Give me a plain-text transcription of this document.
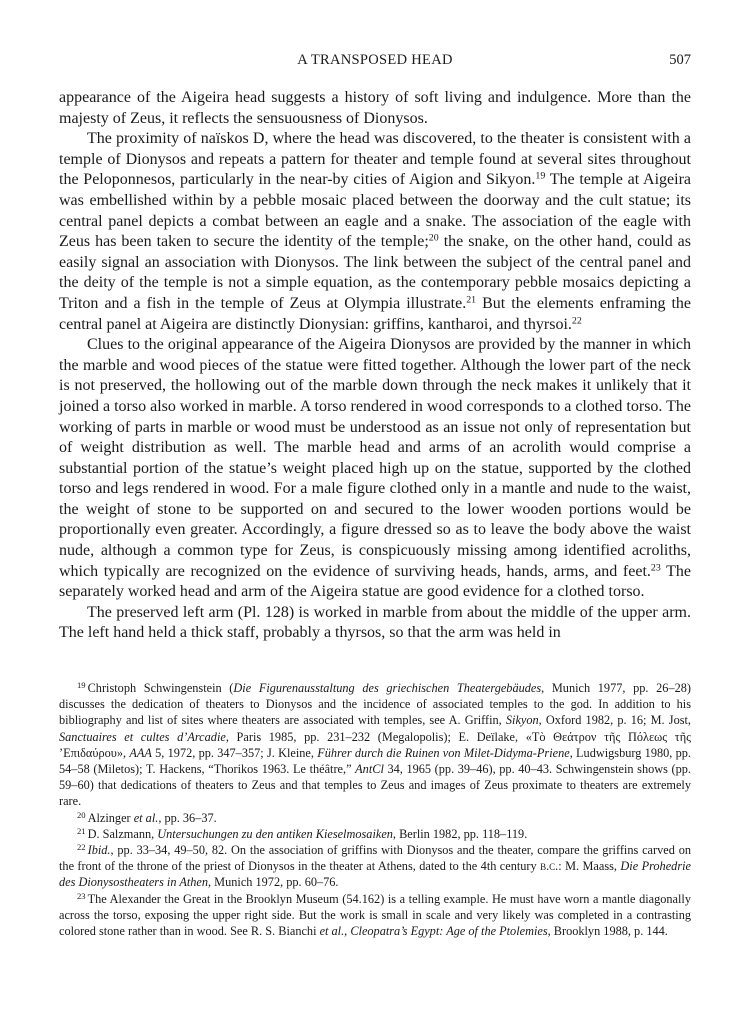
A TRANSPOSED HEAD	507

appearance of the Aigeira head suggests a history of soft living and indulgence. More than the majesty of Zeus, it reflects the sensuousness of Dionysos.

The proximity of naïskos D, where the head was discovered, to the theater is consistent with a temple of Dionysos and repeats a pattern for theater and temple found at several sites throughout the Peloponnesos, particularly in the near-by cities of Aigion and Sikyon.$^{19}$ The temple at Aigeira was embellished within by a pebble mosaic placed between the doorway and the cult statue; its central panel depicts a combat between an eagle and a snake. The association of the eagle with Zeus has been taken to secure the identity of the temple;$^{20}$ the snake, on the other hand, could as easily signal an association with Dionysos. The link between the subject of the central panel and the deity of the temple is not a simple equation, as the contemporary pebble mosaics depicting a Triton and a fish in the temple of Zeus at Olympia illustrate.$^{21}$ But the elements enframing the central panel at Aigeira are distinctly Dionysian: griffins, kantharoi, and thyrsoi.$^{22}$

Clues to the original appearance of the Aigeira Dionysos are provided by the manner in which the marble and wood pieces of the statue were fitted together. Although the lower part of the neck is not preserved, the hollowing out of the marble down through the neck makes it unlikely that it joined a torso also worked in marble. A torso rendered in wood corresponds to a clothed torso. The working of parts in marble or wood must be understood as an issue not only of representation but of weight distribution as well. The marble head and arms of an acrolith would comprise a substantial portion of the statue’s weight placed high up on the statue, supported by the clothed torso and legs rendered in wood. For a male figure clothed only in a mantle and nude to the waist, the weight of stone to be supported on and secured to the lower wooden portions would be proportionally even greater. Accordingly, a figure dressed so as to leave the body above the waist nude, although a common type for Zeus, is conspicuously missing among identified acroliths, which typically are recognized on the evidence of surviving heads, hands, arms, and feet.$^{23}$ The separately worked head and arm of the Aigeira statue are good evidence for a clothed torso.

The preserved left arm (Pl. 128) is worked in marble from about the middle of the upper arm. The left hand held a thick staff, probably a thyrsos, so that the arm was held in

$^{19}$ Christoph Schwingenstein (Die Figurenausstaltung des griechischen Theatergebäudes, Munich 1977, pp. 26–28) discusses the dedication of theaters to Dionysos and the incidence of associated temples to the god. In addition to his bibliography and list of sites where theaters are associated with temples, see A. Griffin, Sikyon, Oxford 1982, p. 16; M. Jost, Sanctuaires et cultes d’Arcadie, Paris 1985, pp. 231–232 (Megalopolis); E. Deïlake, «Τὸ Θεάτρον τῆς Πόλεως τῆς ’Επιδαύρου», AAA 5, 1972, pp. 347–357; J. Kleine, Führer durch die Ruinen von Milet-Didyma-Priene, Ludwigsburg 1980, pp. 54–58 (Miletos); T. Hackens, “Thorikos 1963. Le théâtre,” AntCl 34, 1965 (pp. 39–46), pp. 40–43. Schwingenstein shows (pp. 59–60) that dedications of theaters to Zeus and that temples to Zeus and images of Zeus proximate to theaters are extremely rare.

$^{20}$ Alzinger et al., pp. 36–37.

$^{21}$ D. Salzmann, Untersuchungen zu den antiken Kieselmosaiken, Berlin 1982, pp. 118–119.

$^{22}$ Ibid., pp. 33–34, 49–50, 82. On the association of griffins with Dionysos and the theater, compare the griffins carved on the front of the throne of the priest of Dionysos in the theater at Athens, dated to the 4th century b.c.: M. Maass, Die Prohedrie des Dionysostheaters in Athen, Munich 1972, pp. 60–76.

$^{23}$ The Alexander the Great in the Brooklyn Museum (54.162) is a telling example. He must have worn a mantle diagonally across the torso, exposing the upper right side. But the work is small in scale and very likely was completed in a contrasting colored stone rather than in wood. See R. S. Bianchi et al., Cleopatra’s Egypt: Age of the Ptolemies, Brooklyn 1988, p. 144.
